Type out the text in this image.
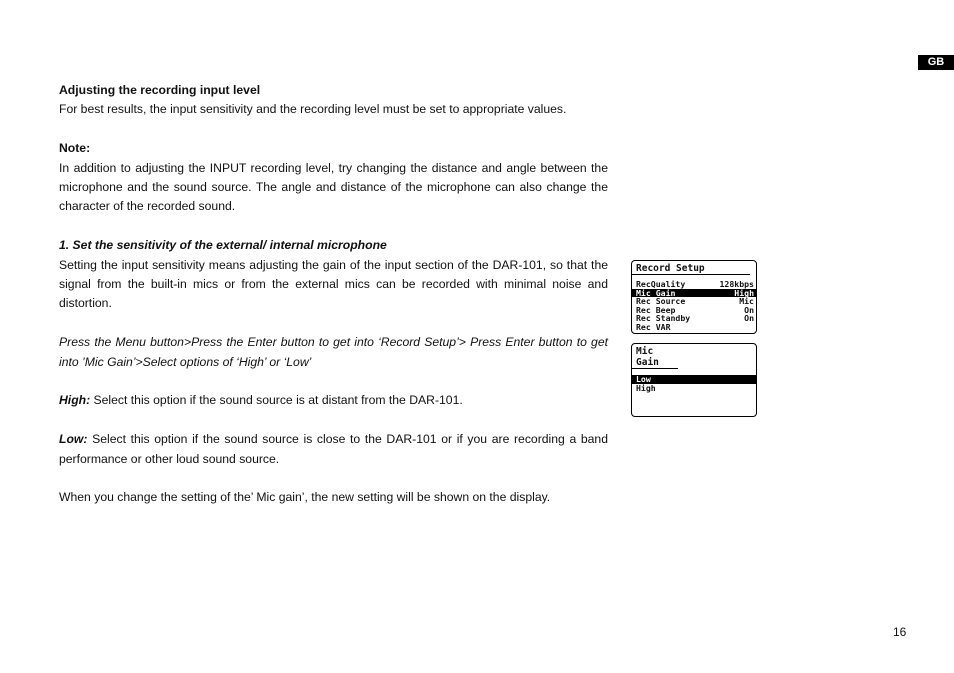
GB

Adjusting the recording input level

For best results, the input sensitivity and the recording level must be set to appropriate values.

Note:

In addition to adjusting the INPUT recording level, try changing the distance and angle between the microphone and the sound source. The angle and distance of the microphone can also change the character of the recorded sound.

1. Set the sensitivity of the external/ internal microphone

Setting the input sensitivity means adjusting the gain of the input section of the DAR-101, so that the signal from the built-in mics or from the external mics can be recorded with minimal noise and distortion.

Press the Menu button>Press the Enter button to get into ‘Record Setup’> Press Enter button to get into ’Mic Gain’>Select options of ‘High’ or ‘Low’

High: Select this option if the sound source is at distant from the DAR-101.

Low: Select this option if the sound source is close to the DAR-101 or if you are recording a band performance or other loud sound source.

When you change the setting of the’ Mic gain’, the new setting will be shown on the display.

Record Setup
RecQuality	128kbps
Mic Gain	High
Rec Source	Mic
Rec Beep	On
Rec Standby	On
Rec VAR
Mic Gain
Low
High
16
